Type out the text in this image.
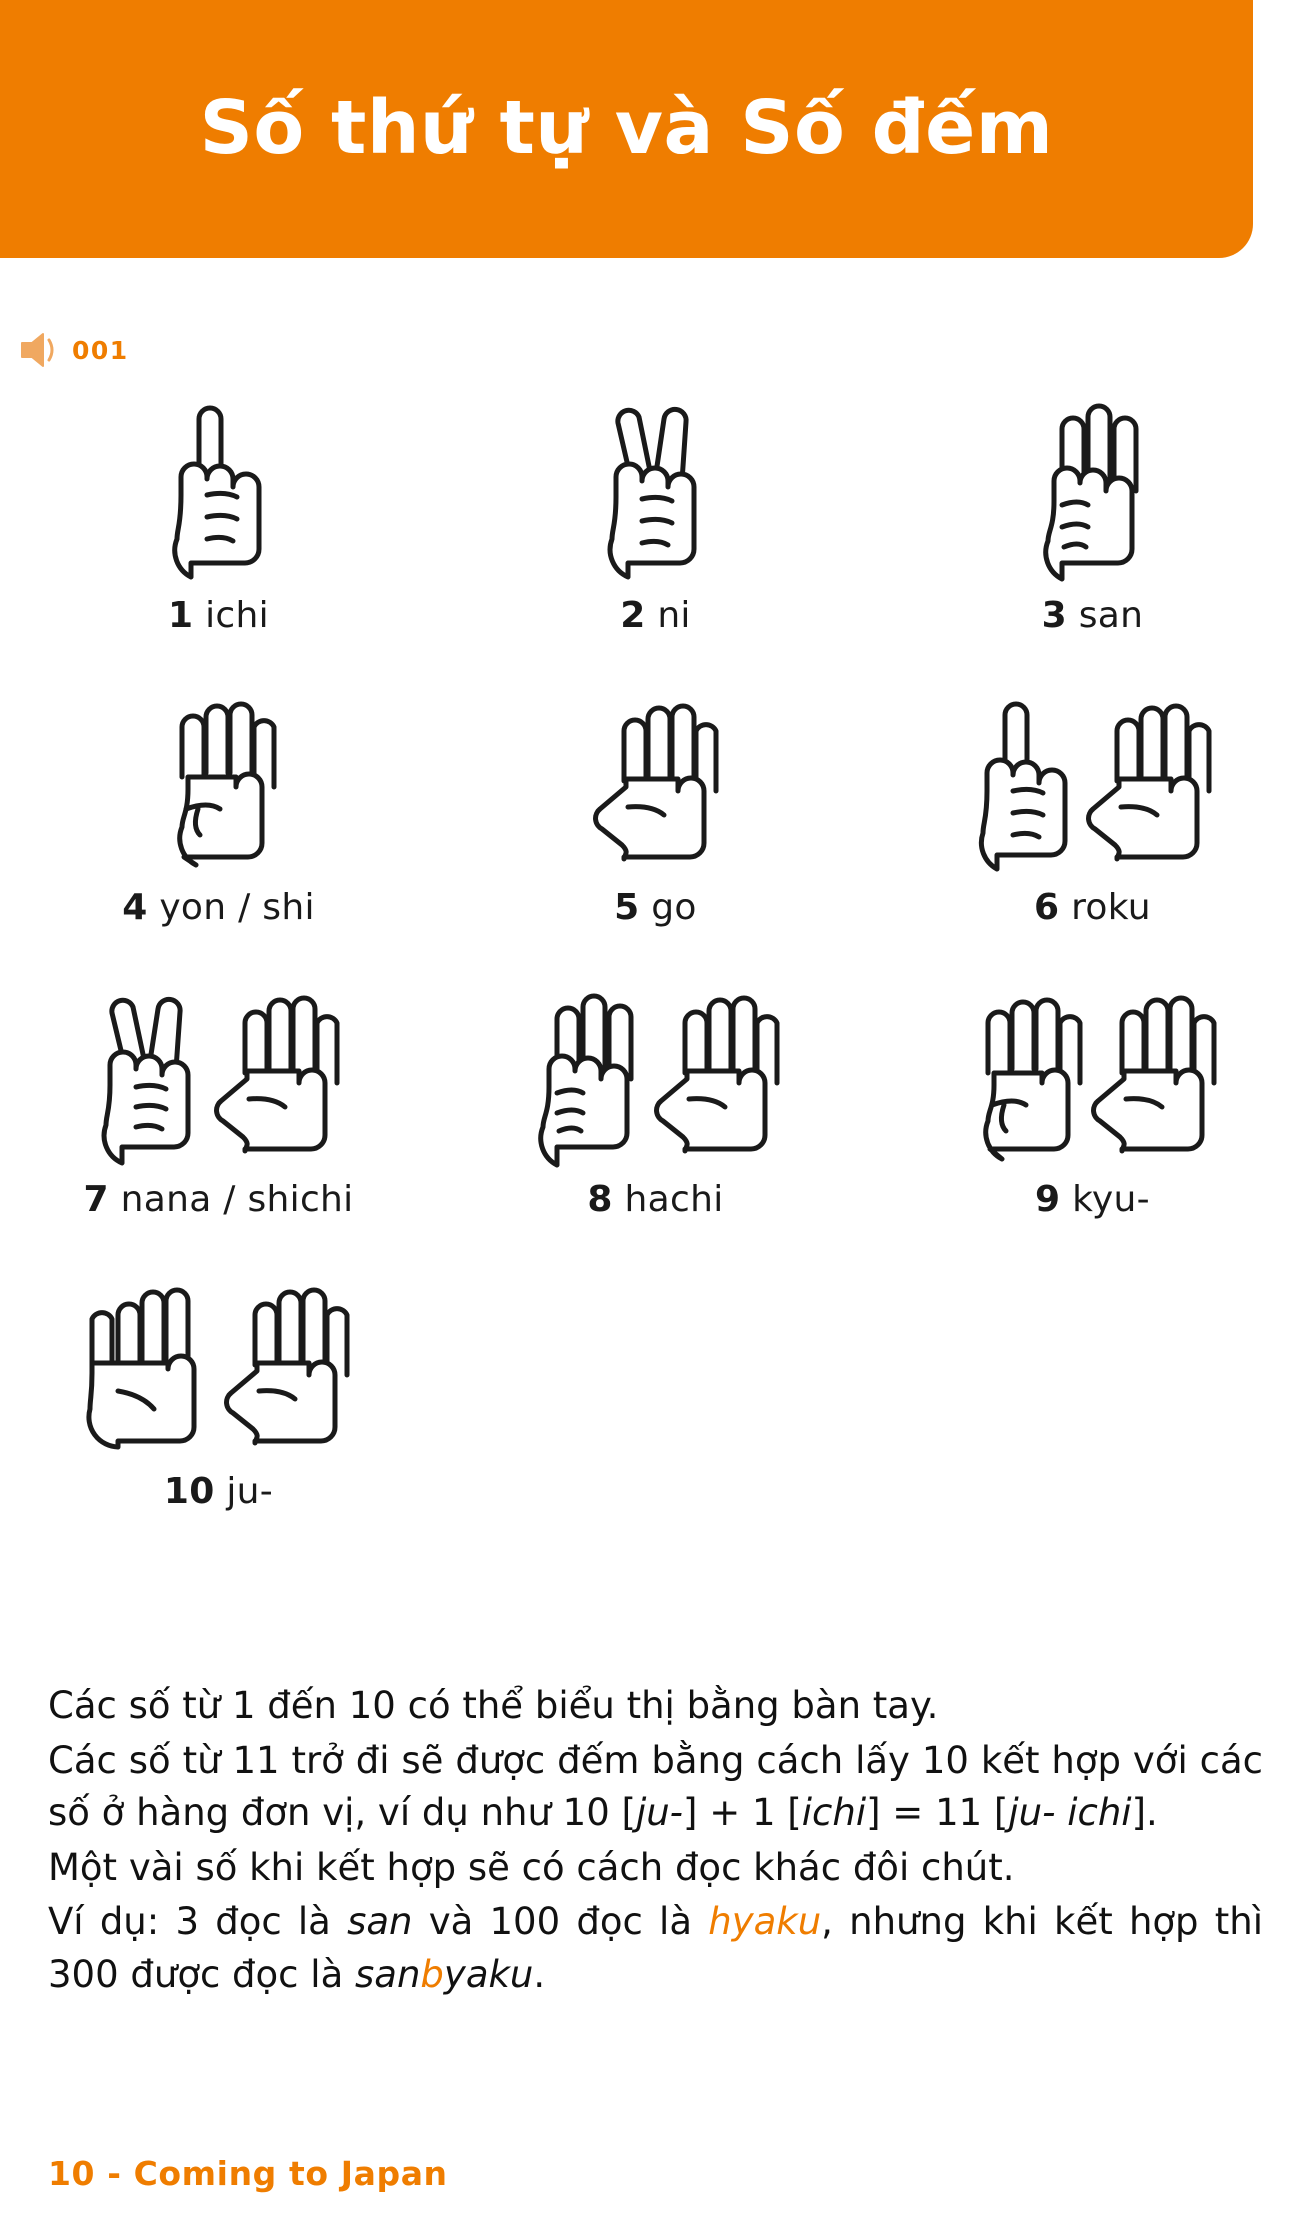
Số thứ tự và Số đếm
001
1 ichi	2 ni	3 san
4 yon / shi	5 go	6 roku
7 nana / shichi	8 hachi	9 kyu-
10 ju-

Các số từ 1 đến 10 có thể biểu thị bằng bàn tay.

Các số từ 11 trở đi sẽ được đếm bằng cách lấy 10 kết hợp với các số ở hàng đơn vị, ví dụ như 10 [ju-] + 1 [ichi] = 11 [ju- ichi].

Một vài số khi kết hợp sẽ có cách đọc khác đôi chút.

Ví dụ: 3 đọc là san và 100 đọc là hyaku, nhưng khi kết hợp thì 300 được đọc là sanbyaku.

10 - Coming to Japan
